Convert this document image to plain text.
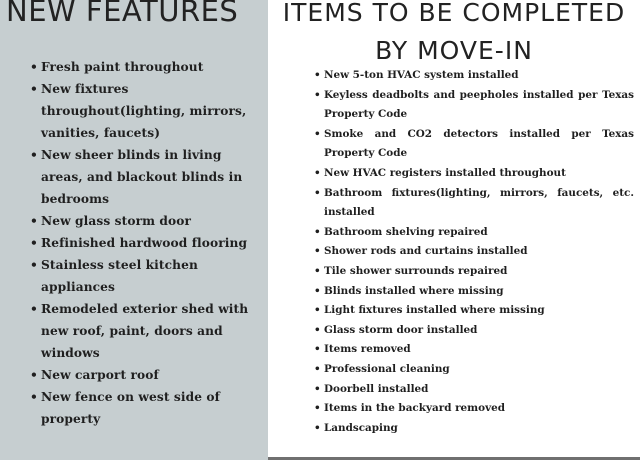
NEW FEATURES
• Fresh paint throughout
• New fixtures throughout(lighting, mirrors, vanities, faucets)
• New sheer blinds in living areas, and blackout blinds in bedrooms
• New glass storm door
• Refinished hardwood flooring
• Stainless steel kitchen appliances
• Remodeled exterior shed with new roof, paint, doors and windows
• New carport roof
• New fence on west side of property
ITEMS TO BE COMPLETED
BY MOVE-IN
• New 5-ton HVAC system installed
• Keyless deadbolts and peepholes installed per Texas Property Code
• Smoke and CO2 detectors installed per Texas Property Code
• New HVAC registers installed throughout
• Bathroom fixtures(lighting, mirrors, faucets, etc. installed
• Bathroom shelving repaired
• Shower rods and curtains installed
• Tile shower surrounds repaired
• Blinds installed where missing
• Light fixtures installed where missing
• Glass storm door installed
• Items removed
• Professional cleaning
• Doorbell installed
• Items in the backyard removed
• Landscaping
